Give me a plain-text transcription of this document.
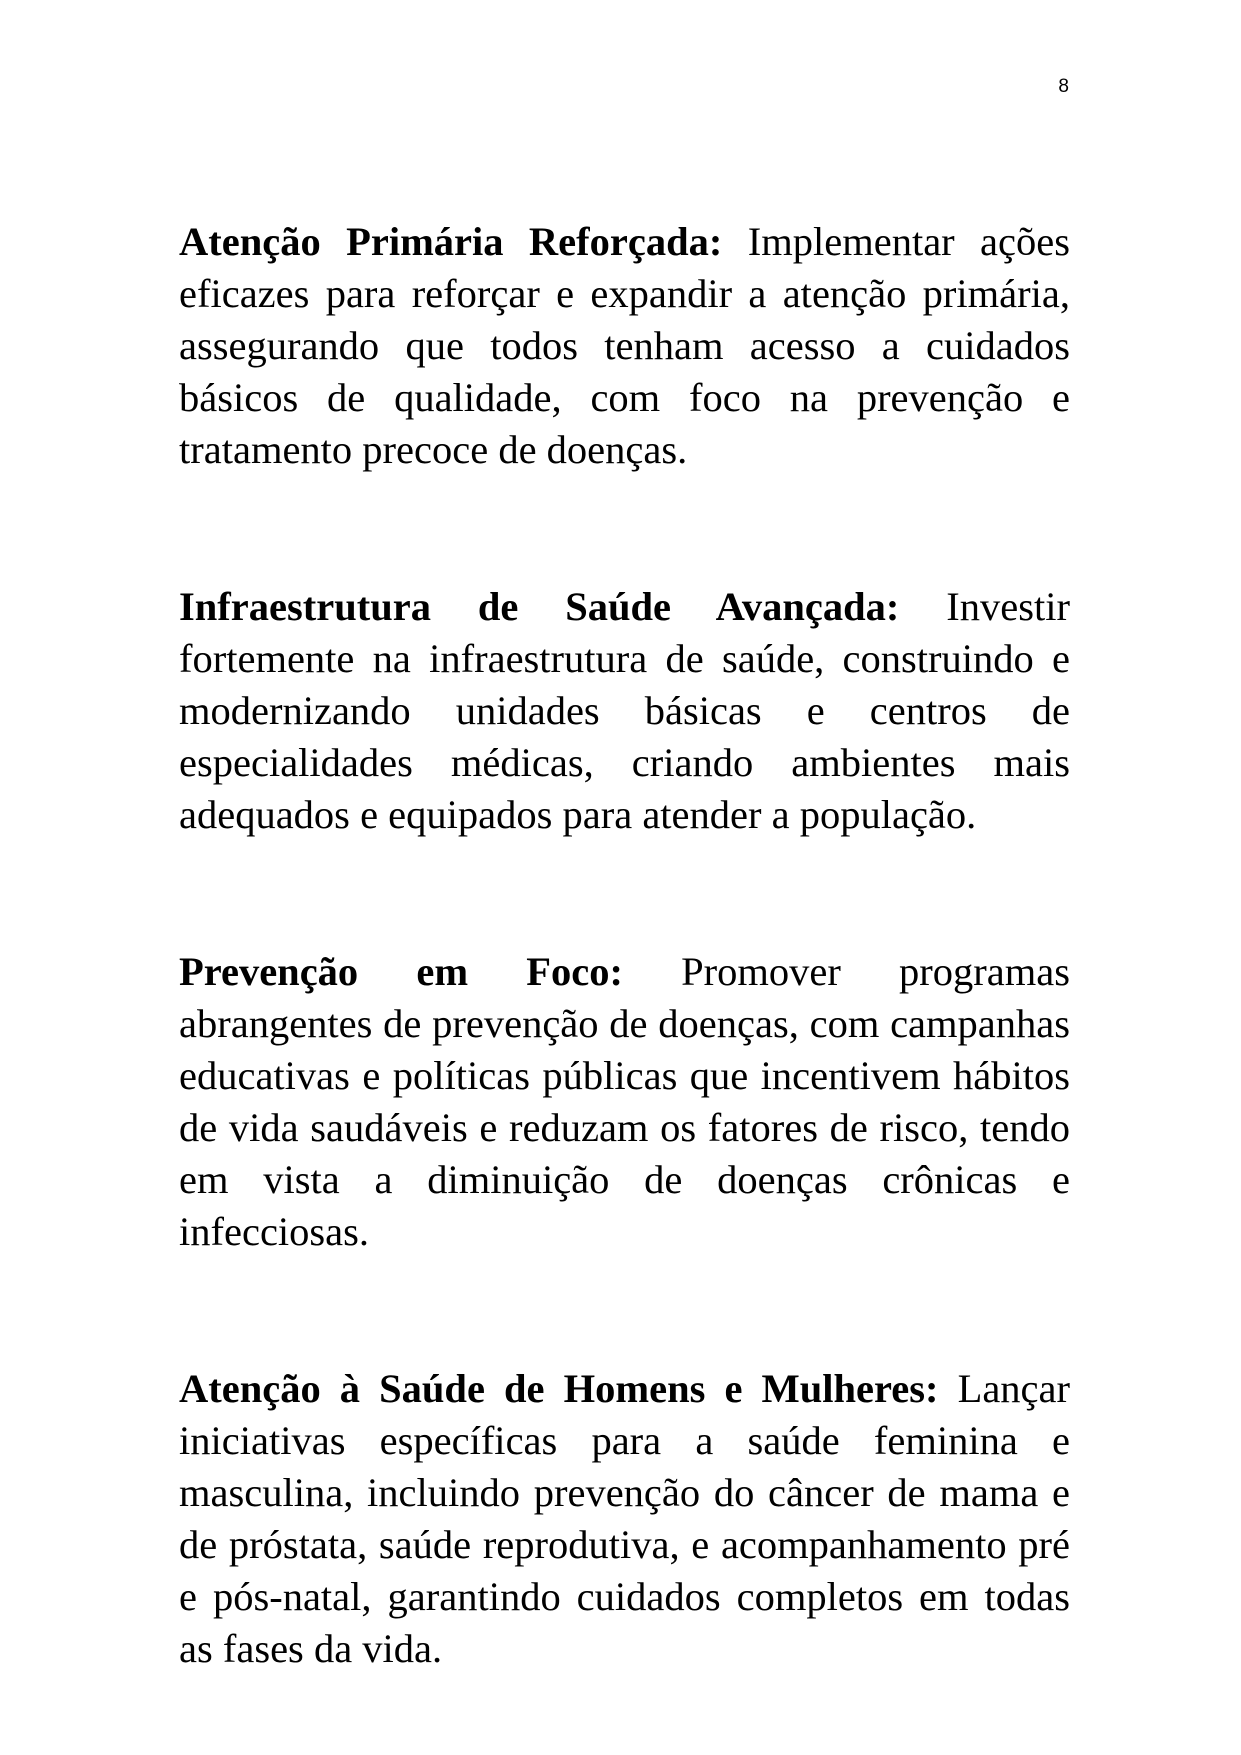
8

Atenção Primária Reforçada: Implementar ações eficazes para reforçar e expandir a atenção primária, assegurando que todos tenham acesso a cuidados básicos de qualidade, com foco na prevenção e tratamento precoce de doenças.

Infraestrutura de Saúde Avançada: Investir fortemente na infraestrutura de saúde, construindo e modernizando unidades básicas e centros de especialidades médicas, criando ambientes mais adequados e equipados para atender a população.

Prevenção em Foco: Promover programas abrangentes de prevenção de doenças, com campanhas educativas e políticas públicas que incentivem hábitos de vida saudáveis e reduzam os fatores de risco, tendo em vista a diminuição de doenças crônicas e infecciosas.

Atenção à Saúde de Homens e Mulheres: Lançar iniciativas específicas para a saúde feminina e masculina, incluindo prevenção do câncer de mama e de próstata, saúde reprodutiva, e acompanhamento pré e pós-natal, garantindo cuidados completos em todas as fases da vida.
